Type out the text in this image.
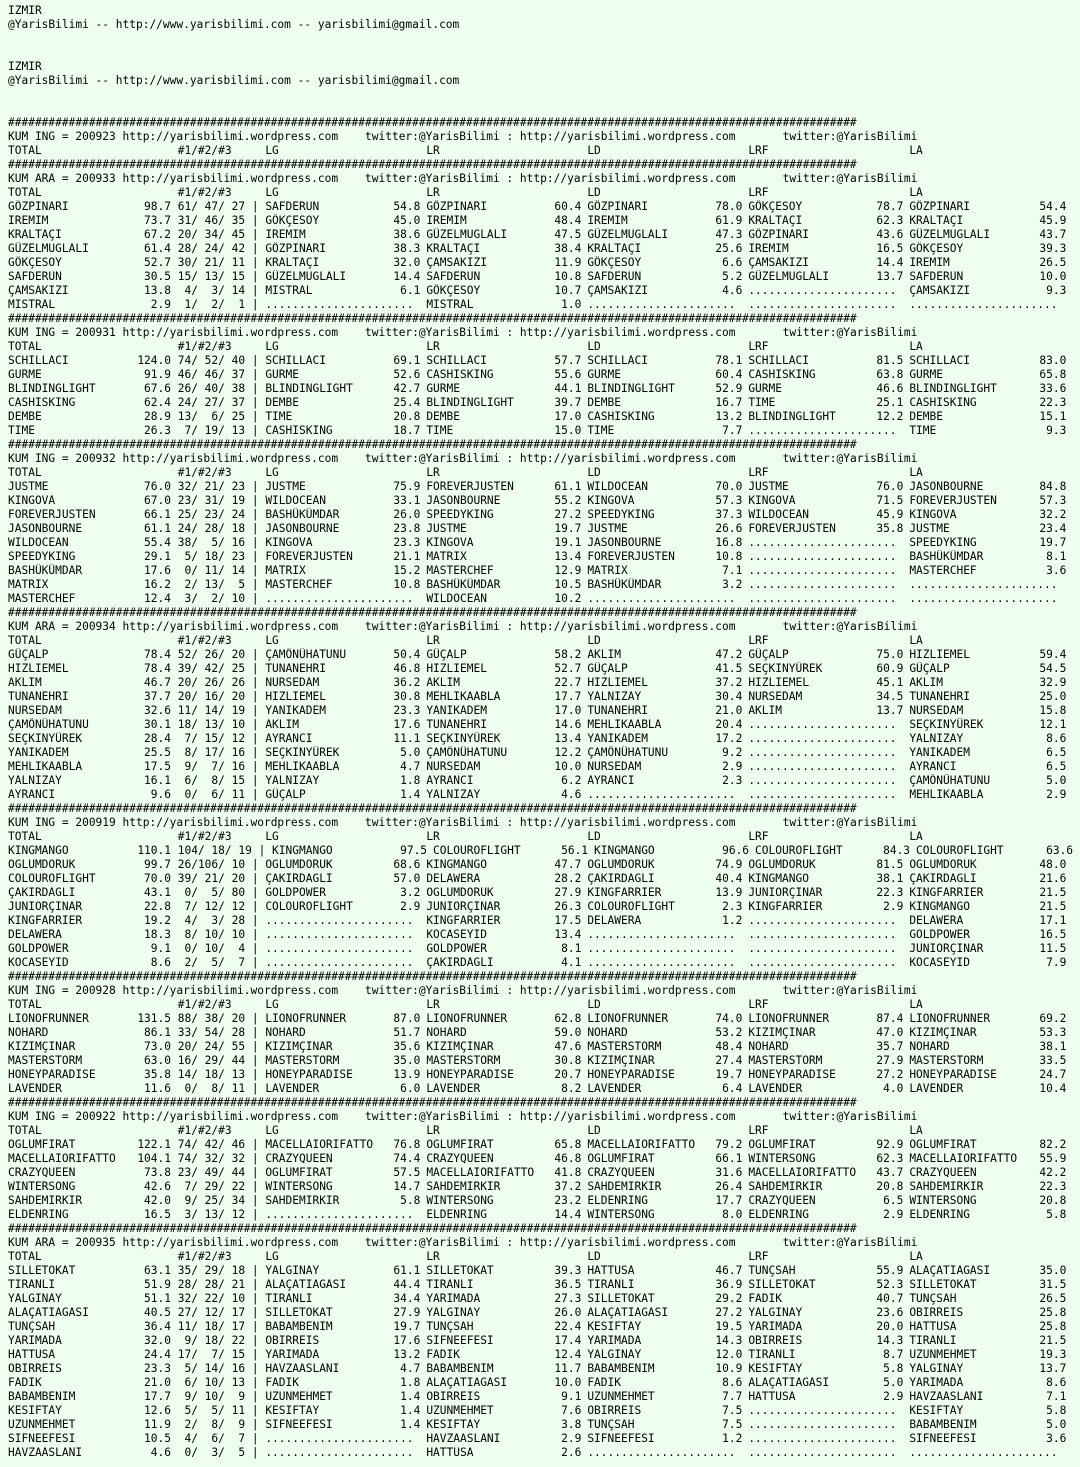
IZMIR
@YarisBilimi -- http://www.yarisbilimi.com -- yarisbilimi@gmail.com
IZMIR
@YarisBilimi -- http://www.yarisbilimi.com -- yarisbilimi@gmail.com
##############################################################################################################################
KUM ING = 200923 http://yarisbilimi.wordpress.com
twitter:@YarisBilimi : http://yarisbilimi.wordpress.com
	twitter:@YarisBilimi
TOTAL	#1/#2/#3
	LG	LR	LD	LRF	LA
##############################################################################################################################
KUM ARA = 200933 http://yarisbilimi.wordpress.com
twitter:@YarisBilimi : http://yarisbilimi.wordpress.com
	twitter:@YarisBilimi
TOTAL	#1/#2/#3
	LG	LR	LD	LRF	LA
GÖZPINARI	98.7 61/ 47/ 27 | SAFDERUN	54.8 GÖZPINARI	60.4 GÖZPINARI	78.0 GÖKÇESOY	78.7 GÖZPINARI	54.4
IREMIM	73.7 31/ 46/ 35 | GÖKÇESOY	45.0 IREMIM	48.4 IREMIM	61.9 KRALTAÇI	62.3 KRALTAÇI	45.9
KRALTAÇI	67.2 20/ 34/ 45 | IREMIM	38.6 GÜZELMUGLALI	47.5 GÜZELMUGLALI	47.3 GÖZPINARI	43.6 GÜZELMUGLALI	43.7
GÜZELMUGLALI	61.4 28/ 24/ 42 | GÖZPINARI	38.3 KRALTAÇI	38.4 KRALTAÇI	25.6 IREMIM	16.5 GÖKÇESOY	39.3
GÖKÇESOY	52.7 30/ 21/ 11 | KRALTAÇI	32.0 ÇAMSAKIZI	11.9 GÖKÇESOY	6.6 ÇAMSAKIZI	14.4 IREMIM	26.5
SAFDERUN	30.5 15/ 13/ 15 | GÜZELMUGLALI	14.4 SAFDERUN	10.8 SAFDERUN	5.2 GÜZELMUGLALI	13.7 SAFDERUN	10.0
ÇAMSAKIZI	13.8 4/  3/ 14 | MISTRAL	6.1 GÖKÇESOY	10.7 ÇAMSAKIZI	4.6 ......................	ÇAMSAKIZI	9.3
MISTRAL	2.9 1/  2/  1 | ......................	MISTRAL	1.0 ......................	......................	......................
##############################################################################################################################
KUM ING = 200931 http://yarisbilimi.wordpress.com
twitter:@YarisBilimi : http://yarisbilimi.wordpress.com
	twitter:@YarisBilimi
TOTAL	#1/#2/#3
	LG	LR	LD	LRF	LA
SCHILLACI	124.0 74/ 52/ 40 | SCHILLACI	69.1 SCHILLACI	57.7 SCHILLACI	78.1 SCHILLACI	81.5 SCHILLACI	83.0
GURME	91.9 46/ 46/ 37 | GURME	52.6 CASHISKING	55.6 GURME	60.4 CASHISKING	63.8 GURME	65.8
BLINDINGLIGHT	67.6 26/ 40/ 38 | BLINDINGLIGHT	42.7 GURME	44.1 BLINDINGLIGHT	52.9 GURME	46.6 BLINDINGLIGHT	33.6
CASHISKING	62.4 24/ 27/ 37 | DEMBE	25.4 BLINDINGLIGHT	39.7 DEMBE	16.7 TIME	25.1 CASHISKING	22.3
DEMBE	28.9 13/  6/ 25 | TIME	20.8 DEMBE	17.0 CASHISKING	13.2 BLINDINGLIGHT	12.2 DEMBE	15.1
TIME	26.3 7/ 19/ 13 | CASHISKING	18.7 TIME	15.0 TIME	7.7 ......................	TIME	9.3
##############################################################################################################################
KUM ING = 200932 http://yarisbilimi.wordpress.com
twitter:@YarisBilimi : http://yarisbilimi.wordpress.com
	twitter:@YarisBilimi
TOTAL	#1/#2/#3
	LG	LR	LD	LRF	LA
JUSTME	76.0 32/ 21/ 23 | JUSTME	75.9 FOREVERJUSTEN	61.1 WILDOCEAN	70.0 JUSTME	76.0 JASONBOURNE	84.8
KINGOVA	67.0 23/ 31/ 19 | WILDOCEAN	33.1 JASONBOURNE	55.2 KINGOVA	57.3 KINGOVA	71.5 FOREVERJUSTEN	57.3
FOREVERJUSTEN	66.1 25/ 23/ 24 | BASHÜKÜMDAR	26.0 SPEEDYKING	27.2 SPEEDYKING	37.3 WILDOCEAN	45.9 KINGOVA	32.2
JASONBOURNE	61.1 24/ 28/ 18 | JASONBOURNE	23.8 JUSTME	19.7 JUSTME	26.6 FOREVERJUSTEN	35.8 JUSTME	23.4
WILDOCEAN	55.4 38/  5/ 16 | KINGOVA	23.3 KINGOVA	19.1 JASONBOURNE	16.8 ......................	SPEEDYKING	19.7
SPEEDYKING	29.1 5/ 18/ 23 | FOREVERJUSTEN	21.1 MATRIX	13.4 FOREVERJUSTEN	10.8 ......................	BASHÜKÜMDAR	8.1
BASHÜKÜMDAR	17.6 0/ 11/ 14 | MATRIX	15.2 MASTERCHEF	12.9 MATRIX	7.1 ......................	MASTERCHEF	3.6
MATRIX	16.2 2/ 13/  5 | MASTERCHEF	10.8 BASHÜKÜMDAR	10.5 BASHÜKÜMDAR	3.2 ......................	......................
MASTERCHEF	12.4 3/  2/ 10 | ......................	WILDOCEAN	10.2 ......................	......................	......................
##############################################################################################################################
KUM ARA = 200934 http://yarisbilimi.wordpress.com
twitter:@YarisBilimi : http://yarisbilimi.wordpress.com
	twitter:@YarisBilimi
TOTAL	#1/#2/#3
	LG	LR	LD	LRF	LA
GÜÇALP	78.4 52/ 26/ 20 | ÇAMÖNÜHATUNU	50.4 GÜÇALP	58.2 AKLIM	47.2 GÜÇALP	75.0 HIZLIEMEL	59.4
HIZLIEMEL	78.4 39/ 42/ 25 | TUNANEHRI	46.8 HIZLIEMEL	52.7 GÜÇALP	41.5 SEÇKINYÜREK	60.9 GÜÇALP	54.5
AKLIM	46.7 20/ 26/ 26 | NURSEDAM	36.2 AKLIM	22.7 HIZLIEMEL	37.2 HIZLIEMEL	45.1 AKLIM	32.9
TUNANEHRI	37.7 20/ 16/ 20 | HIZLIEMEL	30.8 MEHLIKAABLA	17.7 YALNIZAY	30.4 NURSEDAM	34.5 TUNANEHRI	25.0
NURSEDAM	32.6 11/ 14/ 19 | YANIKADEM	23.3 YANIKADEM	17.0 TUNANEHRI	21.0 AKLIM	13.7 NURSEDAM	15.8
ÇAMÖNÜHATUNU	30.1 18/ 13/ 10 | AKLIM	17.6 TUNANEHRI	14.6 MEHLIKAABLA	20.4 ......................	SEÇKINYÜREK	12.1
SEÇKINYÜREK	28.4 7/ 15/ 12 | AYRANCI	11.1 SEÇKINYÜREK	13.4 YANIKADEM	17.2 ......................	YALNIZAY	8.6
YANIKADEM	25.5 8/ 17/ 16 | SEÇKINYÜREK	5.0 ÇAMÖNÜHATUNU	12.2 ÇAMÖNÜHATUNU	9.2 ......................	YANIKADEM	6.5
MEHLIKAABLA	17.5 9/  7/ 16 | MEHLIKAABLA	4.7 NURSEDAM	10.0 NURSEDAM	2.9 ......................	AYRANCI	6.5
YALNIZAY	16.1 6/  8/ 15 | YALNIZAY	1.8 AYRANCI	6.2 AYRANCI	2.3 ......................	ÇAMÖNÜHATUNU	5.0
AYRANCI	9.6 0/  6/ 11 | GÜÇALP	1.4 YALNIZAY	4.6 ......................	......................	MEHLIKAABLA	2.9
##############################################################################################################################
KUM ING = 200919 http://yarisbilimi.wordpress.com
twitter:@YarisBilimi : http://yarisbilimi.wordpress.com
	twitter:@YarisBilimi
TOTAL	#1/#2/#3
	LG	LR	LD	LRF	LA
KINGMANGO	110.1 104/ 18/ 19 | KINGMANGO	97.5 COLOUROFLIGHT	56.1 KINGMANGO	96.6 COLOUROFLIGHT	84.3 COLOUROFLIGHT	63.6
OGLUMDORUK	99.7 26/106/ 10 | OGLUMDORUK	68.6 KINGMANGO	47.7 OGLUMDORUK	74.9 OGLUMDORUK	81.5 OGLUMDORUK	48.0
COLOUROFLIGHT	70.0 39/ 21/ 20 | ÇAKIRDAGLI	57.0 DELAWERA	28.2 ÇAKIRDAGLI	40.4 KINGMANGO	38.1 ÇAKIRDAGLI	21.6
ÇAKIRDAGLI	43.1 0/  5/ 80 | GOLDPOWER	3.2 OGLUMDORUK	27.9 KINGFARRIER	13.9 JUNIORÇINAR	22.3 KINGFARRIER	21.5
JUNIORÇINAR	22.8 7/ 12/ 12 | COLOUROFLIGHT	2.9 JUNIORÇINAR	26.3 COLOUROFLIGHT	2.3 KINGFARRIER	2.9 KINGMANGO	21.5
KINGFARRIER	19.2 4/  3/ 28 | ......................	KINGFARRIER	17.5 DELAWERA	1.2 ......................	DELAWERA	17.1
DELAWERA	18.3 8/ 10/ 10 | ......................	KOCASEYID	13.4 ......................	......................	GOLDPOWER	16.5
GOLDPOWER	9.1 0/ 10/  4 | ......................	GOLDPOWER	8.1 ......................	......................	JUNIORÇINAR	11.5
KOCASEYID	8.6 2/  5/  7 | ......................	ÇAKIRDAGLI	4.1 ......................	......................	KOCASEYID	7.9
##############################################################################################################################
KUM ING = 200928 http://yarisbilimi.wordpress.com
twitter:@YarisBilimi : http://yarisbilimi.wordpress.com
	twitter:@YarisBilimi
TOTAL	#1/#2/#3
	LG	LR	LD	LRF	LA
LIONOFRUNNER	131.5 88/ 38/ 20 | LIONOFRUNNER	87.0 LIONOFRUNNER	62.8 LIONOFRUNNER	74.0 LIONOFRUNNER	87.4 LIONOFRUNNER	69.2
NOHARD	86.1 33/ 54/ 28 | NOHARD	51.7 NOHARD	59.0 NOHARD	53.2 KIZIMÇINAR	47.0 KIZIMÇINAR	53.3
KIZIMÇINAR	73.0 20/ 24/ 55 | KIZIMÇINAR	35.6 KIZIMÇINAR	47.6 MASTERSTORM	48.4 NOHARD	35.7 NOHARD	38.1
MASTERSTORM	63.0 16/ 29/ 44 | MASTERSTORM	35.0 MASTERSTORM	30.8 KIZIMÇINAR	27.4 MASTERSTORM	27.9 MASTERSTORM	33.5
HONEYPARADISE	35.8 14/ 18/ 13 | HONEYPARADISE	13.9 HONEYPARADISE	20.7 HONEYPARADISE	19.7 HONEYPARADISE	27.2 HONEYPARADISE	24.7
LAVENDER	11.6 0/  8/ 11 | LAVENDER	6.0 LAVENDER	8.2 LAVENDER	6.4 LAVENDER	4.0 LAVENDER	10.4
##############################################################################################################################
KUM ING = 200922 http://yarisbilimi.wordpress.com
twitter:@YarisBilimi : http://yarisbilimi.wordpress.com
	twitter:@YarisBilimi
TOTAL	#1/#2/#3
	LG	LR	LD	LRF	LA
OGLUMFIRAT	122.1 74/ 42/ 46 | MACELLAIORIFATTO	76.8 OGLUMFIRAT	65.8 MACELLAIORIFATTO	79.2 OGLUMFIRAT	92.9 OGLUMFIRAT	82.2
MACELLAIORIFATTO	104.1 74/ 32/ 32 | CRAZYQUEEN	74.4 CRAZYQUEEN	46.8 OGLUMFIRAT	66.1 WINTERSONG	62.3 MACELLAIORIFATTO	55.9
CRAZYQUEEN	73.8 23/ 49/ 44 | OGLUMFIRAT	57.5 MACELLAIORIFATTO	41.8 CRAZYQUEEN	31.6 MACELLAIORIFATTO	43.7 CRAZYQUEEN	42.2
WINTERSONG	42.6 7/ 29/ 22 | WINTERSONG	14.7 SAHDEMIRKIR	37.2 SAHDEMIRKIR	26.4 SAHDEMIRKIR	20.8 SAHDEMIRKIR	22.3
SAHDEMIRKIR	42.0 9/ 25/ 34 | SAHDEMIRKIR	5.8 WINTERSONG	23.2 ELDENRING	17.7 CRAZYQUEEN	6.5 WINTERSONG	20.8
ELDENRING	16.5 3/ 13/ 12 | ......................	ELDENRING	14.4 WINTERSONG	8.0 ELDENRING	2.9 ELDENRING	5.8
##############################################################################################################################
KUM ARA = 200935 http://yarisbilimi.wordpress.com
twitter:@YarisBilimi : http://yarisbilimi.wordpress.com
	twitter:@YarisBilimi
TOTAL	#1/#2/#3
	LG	LR	LD	LRF	LA
SILLETOKAT	63.1 35/ 29/ 18 | YALGINAY	61.1 SILLETOKAT	39.3 HATTUSA	46.7 TUNÇSAH	55.9 ALAÇATIAGASI	35.0
TIRANLI	51.9 28/ 28/ 21 | ALAÇATIAGASI	44.4 TIRANLI	36.5 TIRANLI	36.9 SILLETOKAT	52.3 SILLETOKAT	31.5
YALGINAY	51.1 32/ 22/ 10 | TIRANLI	34.4 YARIMADA	27.3 SILLETOKAT	29.2 FADIK	40.7 TUNÇSAH	26.5
ALAÇATIAGASI	40.5 27/ 12/ 17 | SILLETOKAT	27.9 YALGINAY	26.0 ALAÇATIAGASI	27.2 YALGINAY	23.6 OBIRREIS	25.8
TUNÇSAH	36.4 11/ 18/ 17 | BABAMBENIM	19.7 TUNÇSAH	22.4 KESIFTAY	19.5 YARIMADA	20.0 HATTUSA	25.8
YARIMADA	32.0 9/ 18/ 22 | OBIRREIS	17.6 SIFNEEFESI	17.4 YARIMADA	14.3 OBIRREIS	14.3 TIRANLI	21.5
HATTUSA	24.4 17/  7/ 15 | YARIMADA	13.2 FADIK	12.4 YALGINAY	12.0 TIRANLI	8.7 UZUNMEHMET	19.3
OBIRREIS	23.3 5/ 14/ 16 | HAVZAASLANI	4.7 BABAMBENIM	11.7 BABAMBENIM	10.9 KESIFTAY	5.8 YALGINAY	13.7
FADIK	21.0 6/ 10/ 13 | FADIK	1.8 ALAÇATIAGASI	10.0 FADIK	8.6 ALAÇATIAGASI	5.0 YARIMADA	8.6
BABAMBENIM	17.7 9/ 10/  9 | UZUNMEHMET	1.4 OBIRREIS	9.1 UZUNMEHMET	7.7 HATTUSA	2.9 HAVZAASLANI	7.1
KESIFTAY	12.6 5/  5/ 11 | KESIFTAY	1.4 UZUNMEHMET	7.6 OBIRREIS	7.5 ......................	KESIFTAY	5.8
UZUNMEHMET	11.9 2/  8/  9 | SIFNEEFESI	1.4 KESIFTAY	3.8 TUNÇSAH	7.5 ......................	BABAMBENIM	5.0
SIFNEEFESI	10.5 4/  6/  7 | ......................	HAVZAASLANI	2.9 SIFNEEFESI	1.2 ......................	SIFNEEFESI	3.6
HAVZAASLANI	4.6 0/  3/  5 | ......................	HATTUSA	2.6 ......................	......................	......................
